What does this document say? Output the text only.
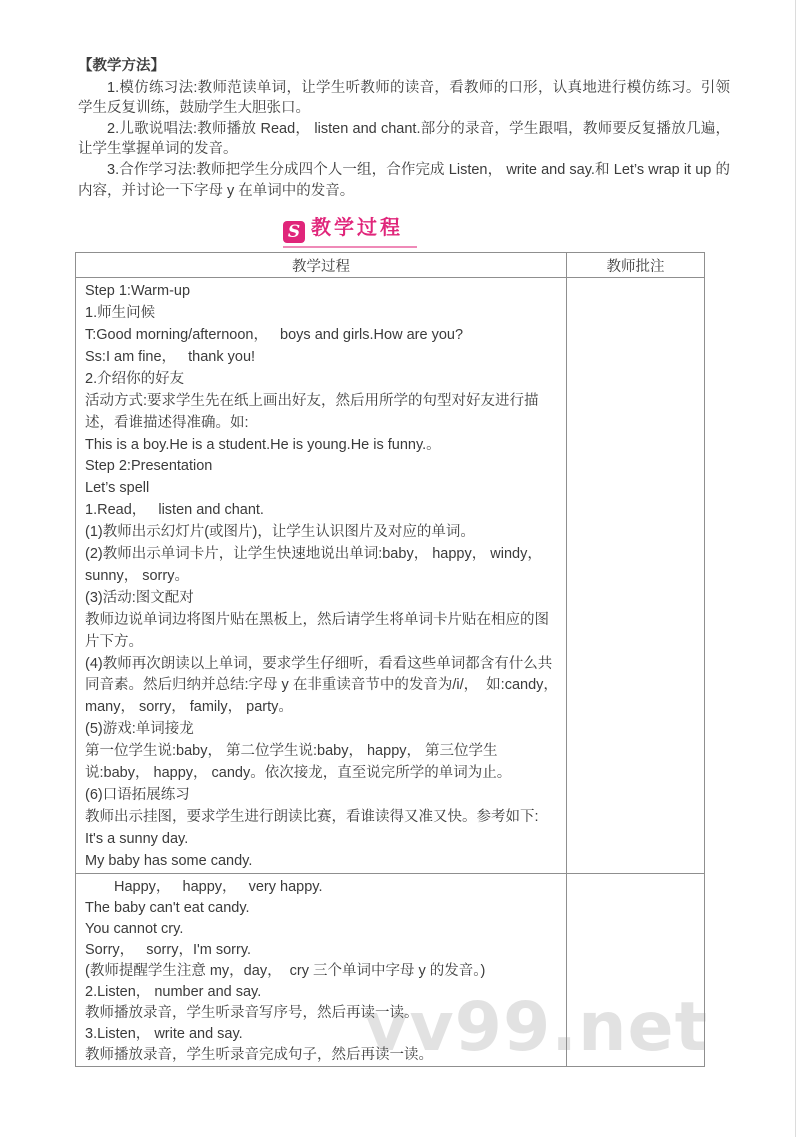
vv99.net

【教学方法】

1.模仿练习法:教师范读单词，让学生听教师的读音，看教师的口形，认真地进行模仿练习。引领学生反复训练，鼓励学生大胆张口。

2.儿歌说唱法:教师播放 Read， listen and chant.部分的录音，学生跟唱，教师要反复播放几遍，让学生掌握单词的发音。

3.合作学习法:教师把学生分成四个人一组，合作完成 Listen， write and say.和 Let’s wrap it up 的内容，并讨论一下字母 y 在单词中的发音。

S 教学过程
教学过程	教师批注

Step 1:Warm-up

1.师生问候

T:Good morning/afternoon，   boys and girls.How are you?

Ss:I am fine，   thank you!

2.介绍你的好友

活动方式:要求学生先在纸上画出好友，然后用所学的句型对好友进行描述，看谁描述得准确。如:

This is a boy.He is a student.He is young.He is funny.。

Step 2:Presentation

Let’s spell

1.Read，   listen and chant.

(1)教师出示幻灯片(或图片)，让学生认识图片及对应的单词。

(2)教师出示单词卡片，让学生快速地说出单词:baby， happy， windy， sunny， sorry。

(3)活动:图文配对

教师边说单词边将图片贴在黑板上，然后请学生将单词卡片贴在相应的图片下方。

(4)教师再次朗读以上单词，要求学生仔细听，看看这些单词都含有什么共同音素。然后归纳并总结:字母 y 在非重读音节中的发音为/i/，  如:candy， many， sorry， family， party。

(5)游戏:单词接龙

第一位学生说:baby， 第二位学生说:baby， happy， 第三位学生说:baby， happy， candy。依次接龙，直至说完所学的单词为止。

(6)口语拓展练习

教师出示挂图，要求学生进行朗读比赛，看谁读得又准又快。参考如下:

It's a sunny day.

My baby has some candy.

　　Happy，   happy，   very happy.

The baby can't eat candy.

You cannot cry.

Sorry，   sorry，I'm sorry.

(教师提醒学生注意 my，day，  cry 三个单词中字母 y 的发音。)

2.Listen， number and say.

教师播放录音，学生听录音写序号，然后再读一读。

3.Listen， write and say.

教师播放录音，学生听录音完成句子，然后再读一读。
